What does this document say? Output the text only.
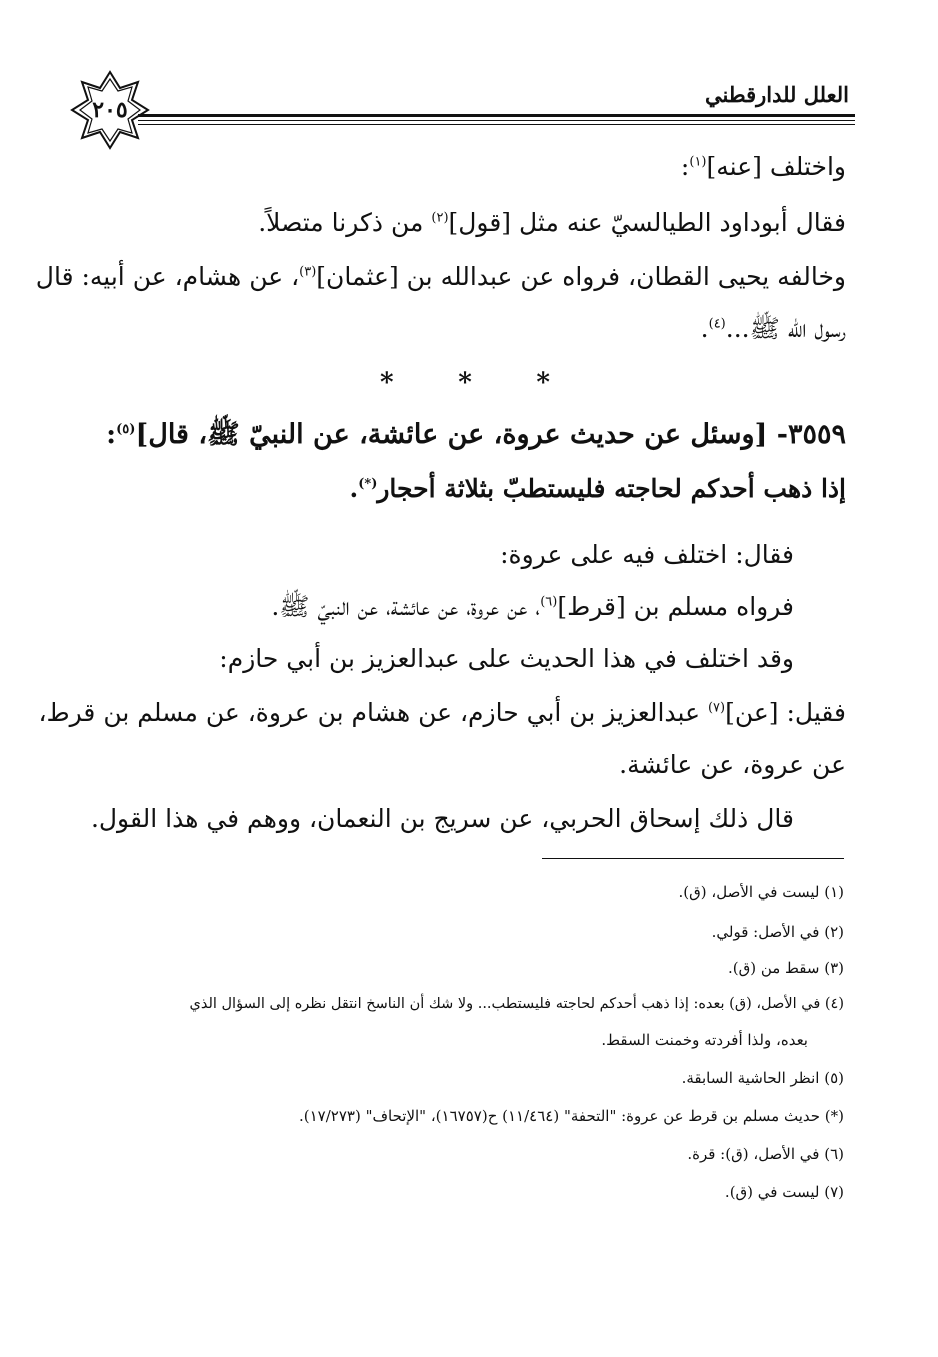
٢٠٥
العلل للدارقطني
واختلف [عنه]$^{(١)}$:
فقال أبوداود الطيالسيّ عنه مثل [قول]$^{(٢)}$ من ذكرنا متصلاً.
وخالفه يحيى القطان، فرواه عن عبدالله بن [عثمان]$^{(٣)}$، عن هشام، عن أبيه: قال
رسول الله ﷺ...$^{(٤)}$.
* * *
٣٥٥٩- [وسئل عن حديث عروة، عن عائشة، عن النبيّ ﷺ، قال]$^{(٥)}$:
إذا ذهب أحدكم لحاجته فليستطبّ بثلاثة أحجار(*).
فقال: اختلف فيه على عروة:
فرواه مسلم بن [قرط]$^{(٦)}$، عن عروة، عن عائشة، عن النبيّ ﷺ.
وقد اختلف في هذا الحديث على عبدالعزيز بن أبي حازم:
فقيل: [عن]$^{(٧)}$ عبدالعزيز بن أبي حازم، عن هشام بن عروة، عن مسلم بن قرط،
عن عروة، عن عائشة.
قال ذلك إسحاق الحربي، عن سريج بن النعمان، ووهم في هذا القول.
(١) ليست في الأصل، (ق).
(٢) في الأصل: قولي.
(٣) سقط من (ق).
(٤) في الأصل، (ق) بعده: إذا ذهب أحدكم لحاجته فليستطب... ولا شك أن الناسخ انتقل نظره إلى السؤال الذي
بعده، ولذا أفردته وخمنت السقط.
(٥) انظر الحاشية السابقة.
(*) حديث مسلم بن قرط عن عروة: "التحفة" (١١/٤٦٤) ح(١٦٧٥٧)، "الإتحاف" (١٧/٢٧٣).
(٦) في الأصل، (ق): قرة.
(٧) ليست في (ق).
